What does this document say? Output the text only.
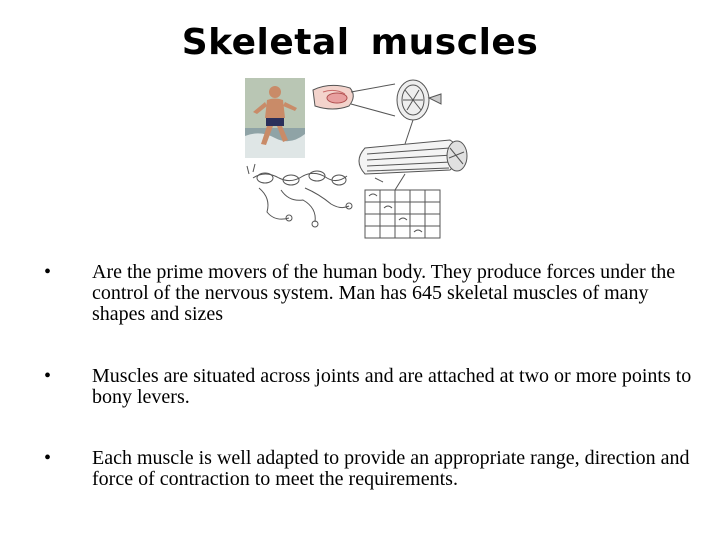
Skeletal muscles
• Are the prime movers of the human body. They produce forces under the control of the nervous system. Man has 645 skeletal muscles of many shapes and sizes
• Muscles are situated across joints and are attached at two or more points to bony levers.
• Each muscle is well adapted to provide an appropriate range, direction and force of contraction to meet the requirements.
